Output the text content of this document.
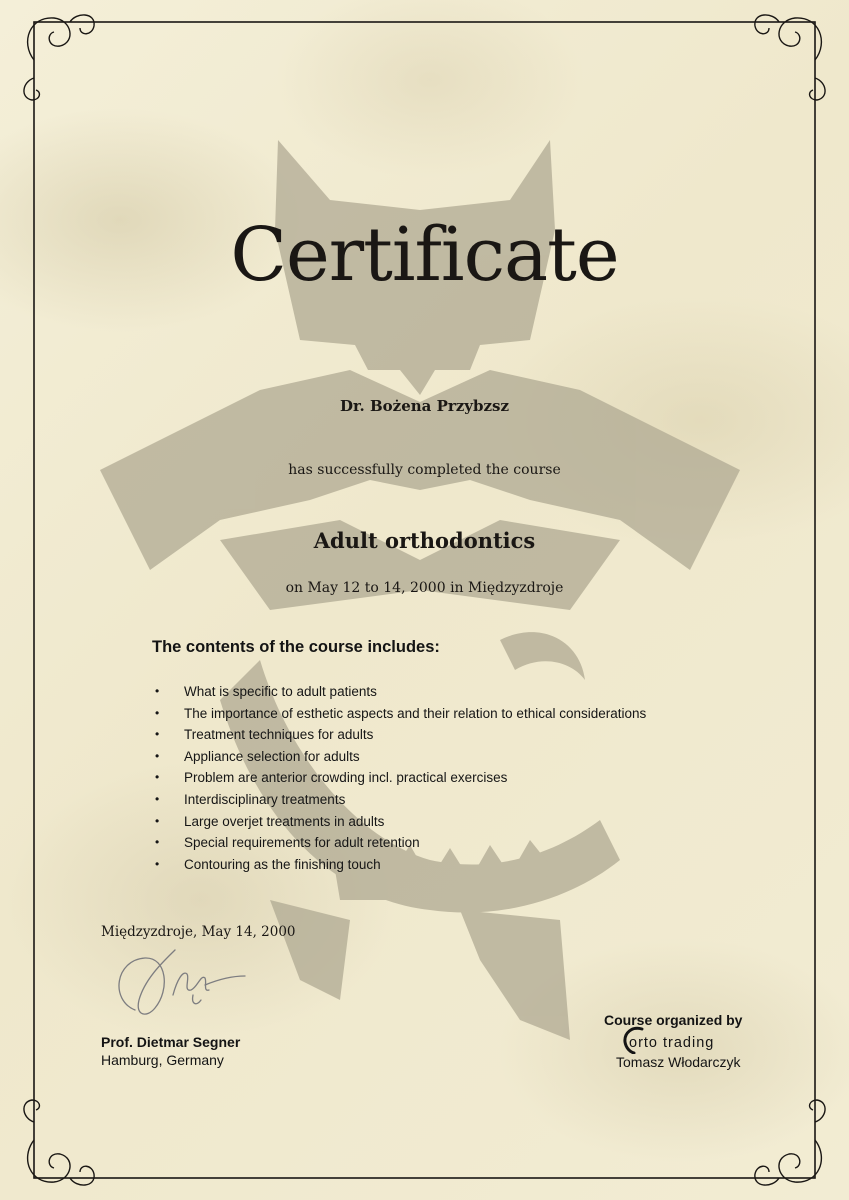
Certificate
Dr. Bożena Przybzsz
has successfully completed the course
Adult orthodontics
on May 12 to 14, 2000 in Międzyzdroje
The contents of the course includes:
• What is specific to adult patients
• The importance of esthetic aspects and their relation to ethical considerations
• Treatment techniques for adults
• Appliance selection for adults
• Problem are anterior crowding incl. practical exercises
• Interdisciplinary treatments
• Large overjet treatments in adults
• Special requirements for adult retention
• Contouring as the finishing touch
Międzyzdroje, May 14, 2000
Prof. Dietmar Segner
Hamburg, Germany
Course organized by
orto trading
Tomasz Włodarczyk
